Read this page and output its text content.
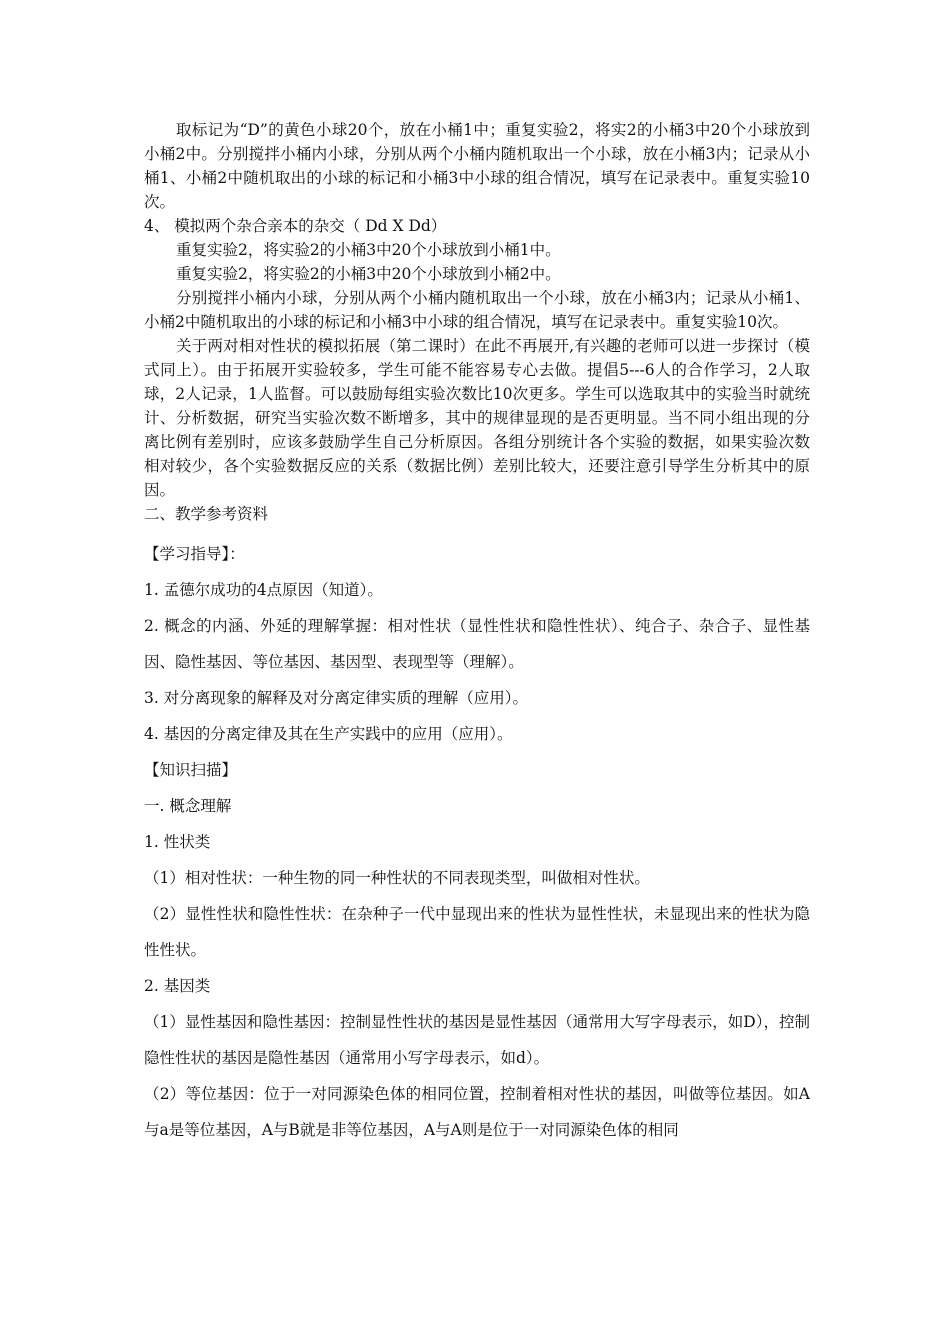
取标记为“D”的黄色小球20个，放在小桶1中；重复实验2，将实2的小桶3中20个小球放到小桶2中。分别搅拌小桶内小球，分别从两个小桶内随机取出一个小球，放在小桶3内；记录从小桶1、小桶2中随机取出的小球的标记和小桶3中小球的组合情况，填写在记录表中。重复实验10次。

4、 模拟两个杂合亲本的杂交（ Dd X Dd）

重复实验2，将实验2的小桶3中20个小球放到小桶1中。

重复实验2，将实验2的小桶3中20个小球放到小桶2中。

分别搅拌小桶内小球，分别从两个小桶内随机取出一个小球，放在小桶3内；记录从小桶1、小桶2中随机取出的小球的标记和小桶3中小球的组合情况，填写在记录表中。重复实验10次。

关于两对相对性状的模拟拓展（第二课时）在此不再展开,有兴趣的老师可以进一步探讨（模式同上）。由于拓展开实验较多，学生可能不能容易专心去做。提倡5---6人的合作学习，2人取球，2人记录，1人监督。可以鼓励每组实验次数比10次更多。学生可以选取其中的实验当时就统计、分析数据，研究当实验次数不断增多，其中的规律显现的是否更明显。当不同小组出现的分离比例有差别时，应该多鼓励学生自己分析原因。各组分别统计各个实验的数据，如果实验次数相对较少，各个实验数据反应的关系（数据比例）差别比较大，还要注意引导学生分析其中的原因。

二、教学参考资料

【学习指导】：

1. 孟德尔成功的4点原因（知道）。

2. 概念的内涵、外延的理解掌握：相对性状（显性性状和隐性性状）、纯合子、杂合子、显性基因、隐性基因、等位基因、基因型、表现型等（理解）。

3. 对分离现象的解释及对分离定律实质的理解（应用）。

4. 基因的分离定律及其在生产实践中的应用（应用）。

【知识扫描】

一. 概念理解

1. 性状类

（1）相对性状：一种生物的同一种性状的不同表现类型，叫做相对性状。

（2）显性性状和隐性性状：在杂种子一代中显现出来的性状为显性性状，未显现出来的性状为隐性性状。

2. 基因类

（1）显性基因和隐性基因：控制显性性状的基因是显性基因（通常用大写字母表示，如D），控制隐性性状的基因是隐性基因（通常用小写字母表示，如d）。

（2）等位基因：位于一对同源染色体的相同位置，控制着相对性状的基因，叫做等位基因。如A与a是等位基因，A与B就是非等位基因，A与A则是位于一对同源染色体的相同
